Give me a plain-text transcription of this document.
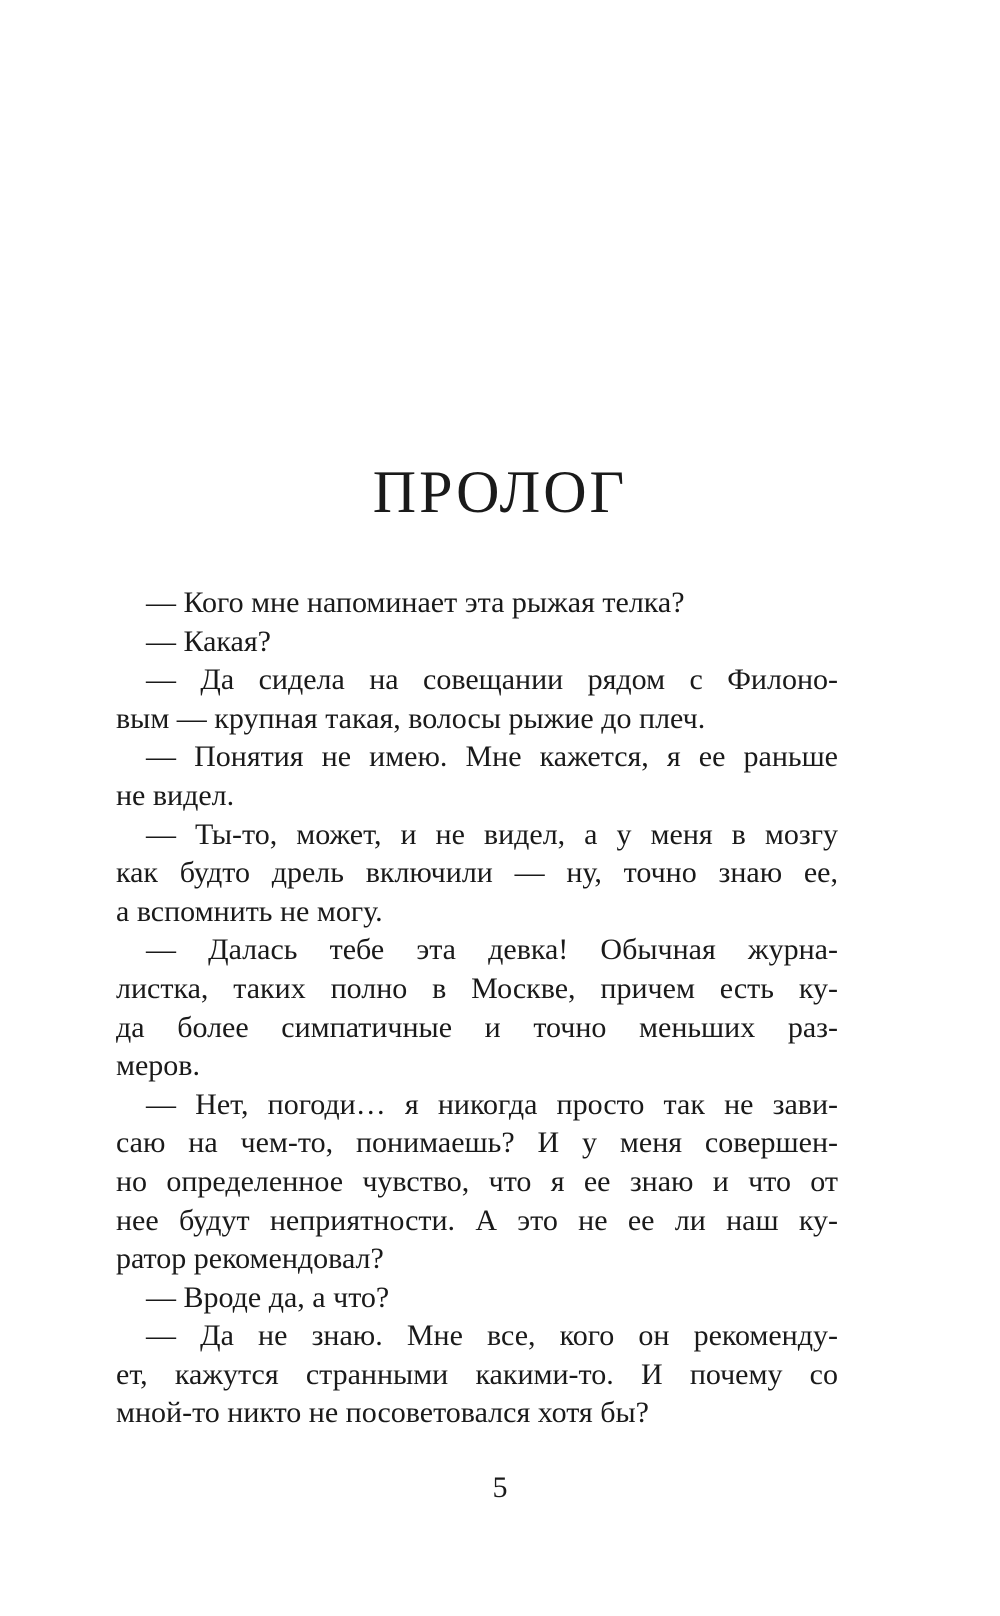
ПРОЛОГ
— Кого мне напоминает эта рыжая телка?
— Какая?
— Да сидела на совещании рядом с Филоно-
вым — крупная такая, волосы рыжие до плеч.
— Понятия не имею. Мне кажется, я ее раньше
не видел.
— Ты-то, может, и не видел, а у меня в мозгу
как будто дрель включили — ну, точно знаю ее,
а вспомнить не могу.
— Далась тебе эта девка! Обычная журна-
листка, таких полно в Москве, причем есть ку-
да более симпатичные и точно меньших раз-
меров.
— Нет, погоди… я никогда просто так не зави-
саю на чем-то, понимаешь? И у меня совершен-
но определенное чувство, что я ее знаю и что от
нее будут неприятности. А это не ее ли наш ку-
ратор рекомендовал?
— Вроде да, а что?
— Да не знаю. Мне все, кого он рекоменду-
ет, кажутся странными какими-то. И почему со
мной-то никто не посоветовался хотя бы?
5
